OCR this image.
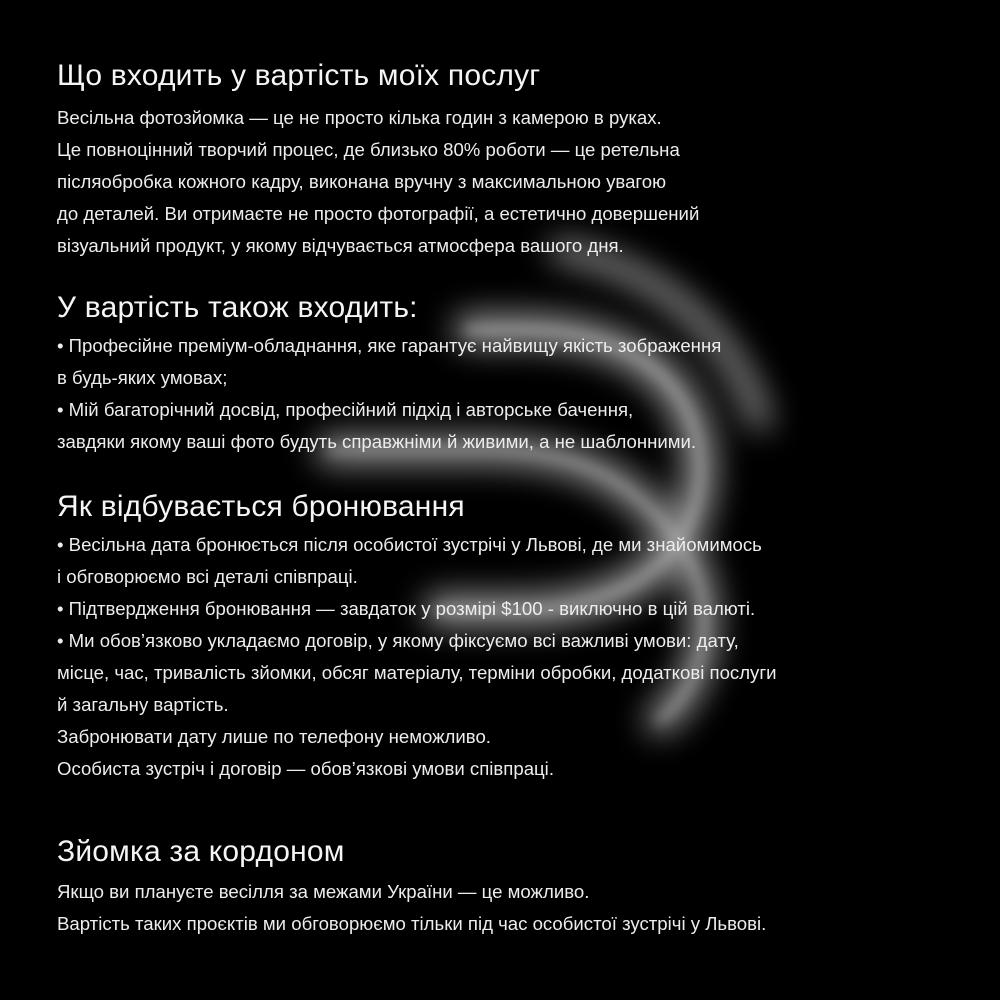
Що входить у вартість моїх послуг
Весільна фотозйомка — це не просто кілька годин з камерою в руках.
Це повноцінний творчий процес, де близько 80% роботи — це ретельна
післяобробка кожного кадру, виконана вручну з максимальною увагою
до деталей. Ви отримаєте не просто фотографії, а естетично довершений
візуальний продукт, у якому відчувається атмосфера вашого дня.
У вартість також входить:
• Професійне преміум-обладнання, яке гарантує найвищу якість зображення
в будь-яких умовах;
• Мій багаторічний досвід, професійний підхід і авторське бачення,
завдяки якому ваші фото будуть справжніми й живими, а не шаблонними.
Як відбувається бронювання
• Весільна дата бронюється після особистої зустрічі у Львові, де ми знайомимось
і обговорюємо всі деталі співпраці.
• Підтвердження бронювання — завдаток у розмірі $100 - виключно в цій валюті.
• Ми обов’язково укладаємо договір, у якому фіксуємо всі важливі умови: дату,
місце, час, тривалість зйомки, обсяг матеріалу, терміни обробки, додаткові послуги
й загальну вартість.
Забронювати дату лише по телефону неможливо.
Особиста зустріч і договір — обов’язкові умови співпраці.
Зйомка за кордоном
Якщо ви плануєте весілля за межами України — це можливо.
Вартість таких проєктів ми обговорюємо тільки під час особистої зустрічі у Львові.
